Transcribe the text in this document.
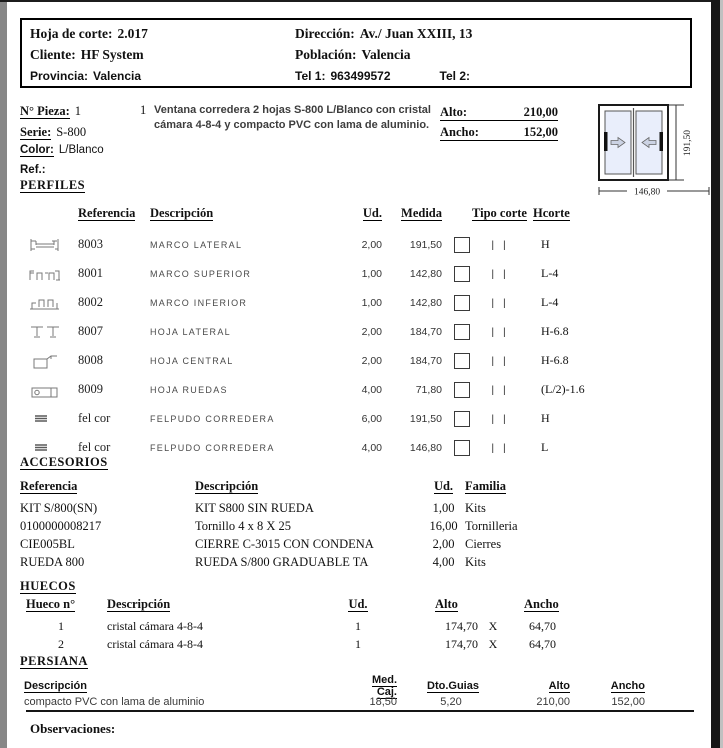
Hoja de corte: 2.017	Dirección: Av./ Juan XXIII, 13
Cliente: HF System	Población: Valencia
Provincia: Valencia	Tel 1: 963499572	Tel 2:
N° Pieza: 1
Serie: S-800
Color: L/Blanco
Ref.:
PERFILES
1 Ventana corredera 2 hojas S-800 L/Blanco con cristal cámara 4-8-4 y compacto PVC con lama de aluminio.
Alto:	210,00
Ancho:	152,00	191,50
146,80
Referencia	Descripción	Ud.	Medida	Tipo corte Hcorte
8003	MARCO LATERAL	2,00	191,50	| |	H
8001	MARCO SUPERIOR	1,00	142,80	| |	L-4
8002	MARCO INFERIOR	1,00	142,80	| |	L-4
8007	HOJA LATERAL	2,00	184,70	| |	H-6.8
8008	HOJA CENTRAL	2,00	184,70	| |	H-6.8
8009	HOJA RUEDAS	4,00	71,80	| |	(L/2)-1.6
fel cor	FELPUDO CORREDERA	6,00	191,50	| |	H
fel cor	FELPUDO CORREDERA	4,00	146,80	| |	L
ACCESORIOS
Referencia	Descripción	Ud. Familia
KIT S/800(SN)	KIT S800 SIN RUEDA	1,00 Kits
0100000008217	Tornillo 4 x 8 X 25	16,00 Tornilleria
CIE005BL	CIERRE C-3015 CON CONDENA	2,00 Cierres
RUEDA 800	RUEDA S/800 GRADUABLE TA	4,00 Kits
HUECOS
Hueco n°	Descripción	Ud.	Alto	Ancho
1	cristal cámara 4-8-4	1	174,70 X	64,70
2	cristal cámara 4-8-4	1	174,70 X	64,70
PERSIANA
Descripción	Med. Caj.	Dto.Guias	Alto	Ancho
compacto PVC con lama de aluminio	18,50	5,20	210,00	152,00
Observaciones:
